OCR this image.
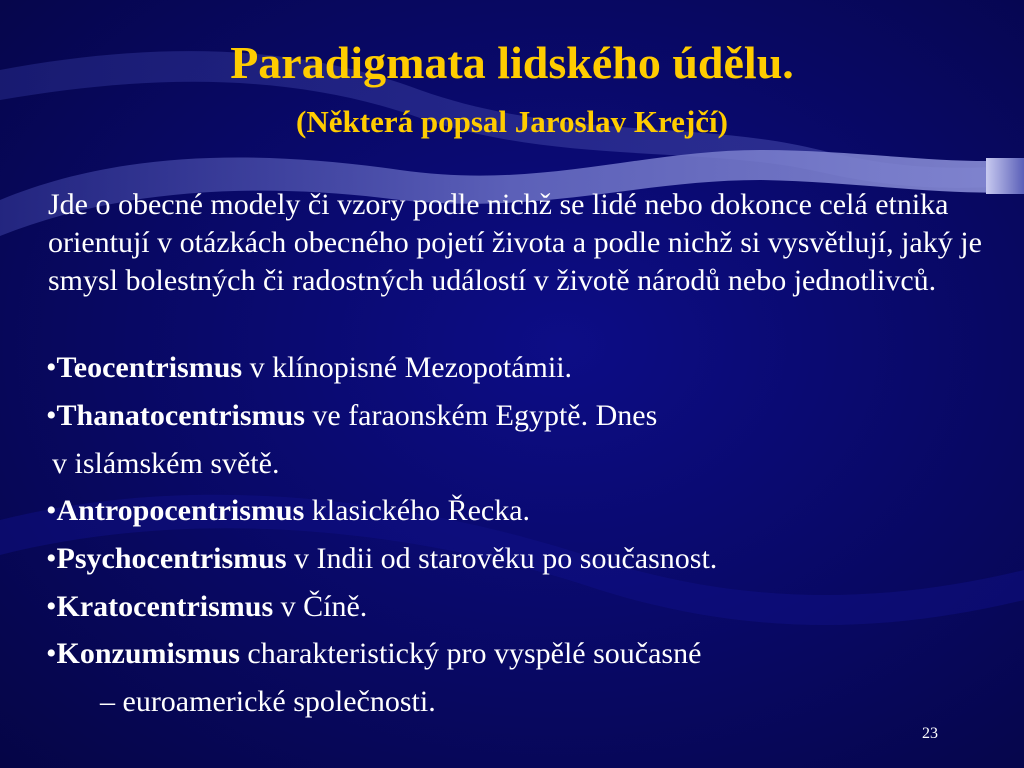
Paradigmata lidského údělu.
(Některá popsal Jaroslav Krejčí)

Jde o obecné modely či vzory podle nichž se lidé nebo dokonce celá etnika orientují v otázkách obecného pojetí života a podle nichž si vysvětlují, jaký je smysl bolestných či radostných událostí v životě národů nebo jednotlivců.

•Teocentrismus v klínopisné Mezopotámii.
•Thanatocentrismus ve faraonském Egyptě. Dnes
v islámském světě.
•Antropocentrismus klasického Řecka.
•Psychocentrismus v Indii od starověku po současnost.
•Kratocentrismus v Číně.
•Konzumismus charakteristický pro vyspělé současné
– euroamerické společnosti.
23
